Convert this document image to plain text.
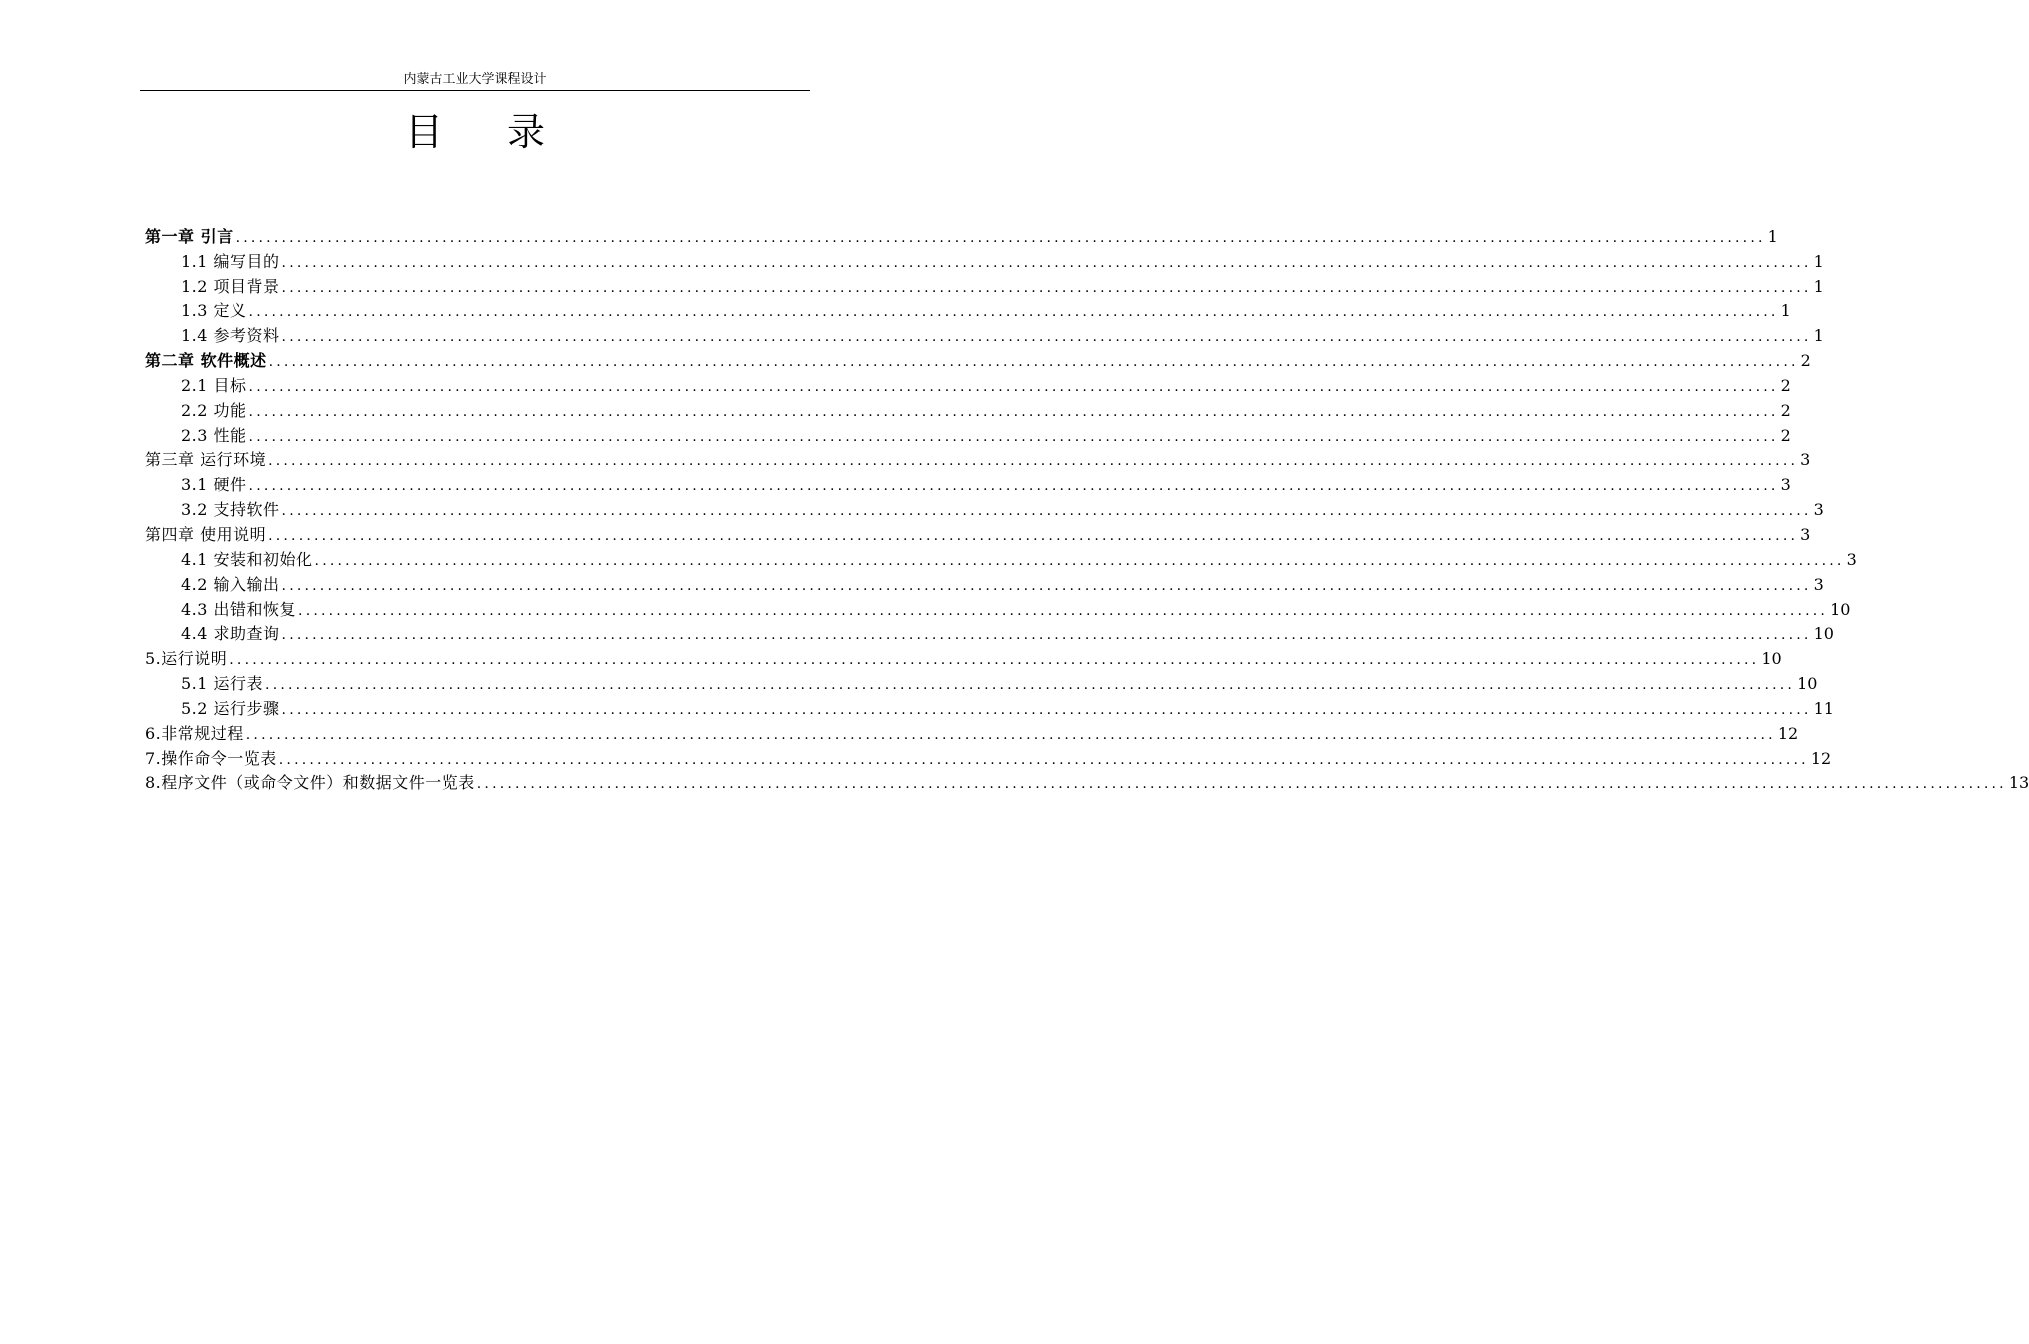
内蒙古工业大学课程设计
目 录
第一章 引言 ........................................................................................................................................................................................................ 1
1.1 编写目的 ........................................................................................................................................................................................................ 1
1.2 项目背景 ........................................................................................................................................................................................................ 1
1.3 定义 ........................................................................................................................................................................................................ 1
1.4 参考资料 ........................................................................................................................................................................................................ 1
第二章 软件概述 ........................................................................................................................................................................................................ 2
2.1 目标 ........................................................................................................................................................................................................ 2
2.2 功能 ........................................................................................................................................................................................................ 2
2.3 性能 ........................................................................................................................................................................................................ 2
第三章 运行环境 ........................................................................................................................................................................................................ 3
3.1 硬件 ........................................................................................................................................................................................................ 3
3.2 支持软件 ........................................................................................................................................................................................................ 3
第四章 使用说明 ........................................................................................................................................................................................................ 3
4.1 安装和初始化 ........................................................................................................................................................................................................ 3
4.2 输入输出 ........................................................................................................................................................................................................ 3
4.3 出错和恢复 ........................................................................................................................................................................................................ 10
4.4 求助查询 ........................................................................................................................................................................................................ 10
5.运行说明 ........................................................................................................................................................................................................ 10
5.1 运行表 ........................................................................................................................................................................................................ 10
5.2 运行步骤 ........................................................................................................................................................................................................ 11
6.非常规过程 ........................................................................................................................................................................................................ 12
7.操作命令一览表 ........................................................................................................................................................................................................ 12
8.程序文件（或命令文件）和数据文件一览表 ........................................................................................................................................................................................................ 13
